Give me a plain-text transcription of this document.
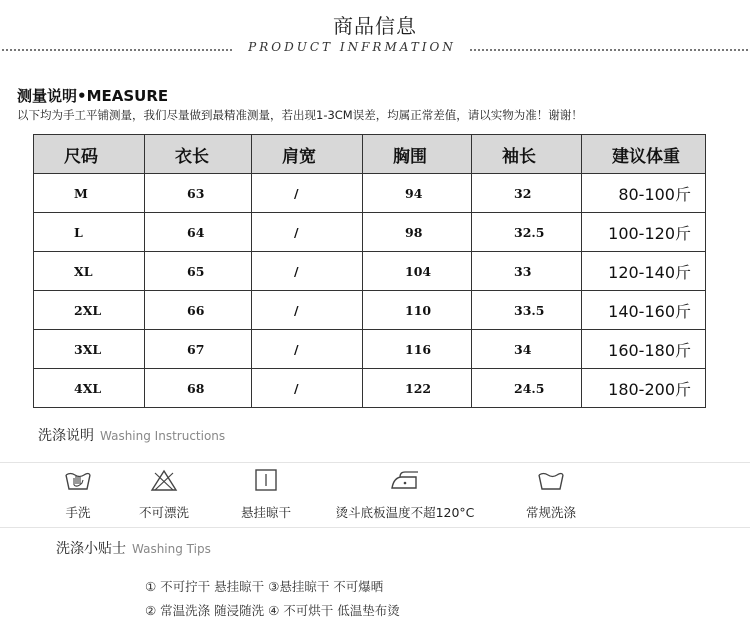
商品信息
PRODUCT INFRMATION
测量说明•MEASURE
以下均为手工平铺测量，我们尽量做到最精准测量，若出现1-3CM误差，均属正常差值，请以实物为准！谢谢！
尺码	衣长	肩宽	胸围	袖长	建议体重
M	63	/	94	32	80-100斤
L	64	/	98	32.5	100-120斤
XL	65	/	104	33	120-140斤
2XL	66	/	110	33.5	140-160斤
3XL	67	/	116	34	160-180斤
4XL	68	/	122	24.5	180-200斤
洗涤说明 Washing Instructions
手洗	不可漂洗	悬挂晾干	烫斗底板温度不超120°C	常规洗涤
洗涤小贴士 Washing Tips
① 不可拧干 悬挂晾干 ③悬挂晾干 不可爆晒
② 常温洗涤 随浸随洗 ④ 不可烘干 低温垫布烫
